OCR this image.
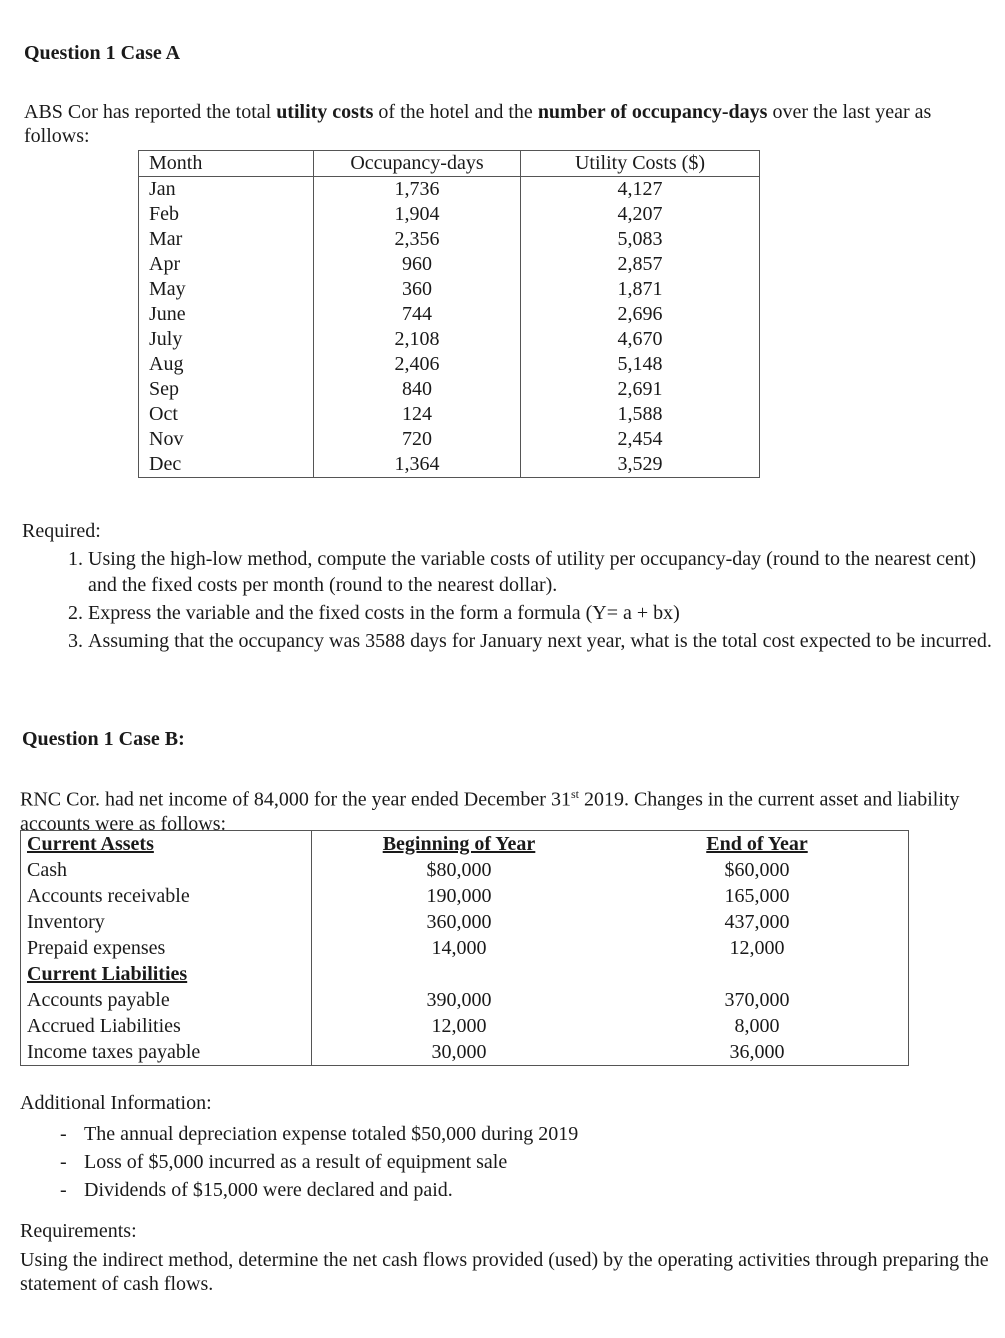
Question 1 Case A
ABS Cor has reported the total utility costs of the hotel and the number of occupancy-days over the last year as follows:
Month	Occupancy-days	Utility Costs ($)
Jan	1,736	4,127
Feb	1,904	4,207
Mar	2,356	5,083
Apr	960	2,857
May	360	1,871
June	744	2,696
July	2,108	4,670
Aug	2,406	5,148
Sep	840	2,691
Oct	124	1,588
Nov	720	2,454
Dec	1,364	3,529
Required:
1. Using the high-low method, compute the variable costs of utility per occupancy-day (round to the nearest cent) and the fixed costs per month (round to the nearest dollar).
2. Express the variable and the fixed costs in the form a formula (Y= a + bx)
3. Assuming that the occupancy was 3588 days for January next year, what is the total cost expected to be incurred.
Question 1 Case B:
RNC Cor. had net income of 84,000 for the year ended December 31st 2019. Changes in the current asset and liability accounts were as follows:
Current Assets	Beginning of Year	End of Year
Cash	$80,000	$60,000
Accounts receivable	190,000	165,000
Inventory	360,000	437,000
Prepaid expenses	14,000	12,000
Current Liabilities		
Accounts payable	390,000	370,000
Accrued Liabilities	12,000	8,000
Income taxes payable	30,000	36,000
Additional Information:
- The annual depreciation expense totaled $50,000 during 2019
- Loss of $5,000 incurred as a result of equipment sale
- Dividends of $15,000 were declared and paid.
Requirements:
Using the indirect method, determine the net cash flows provided (used) by the operating activities through preparing the statement of cash flows.
